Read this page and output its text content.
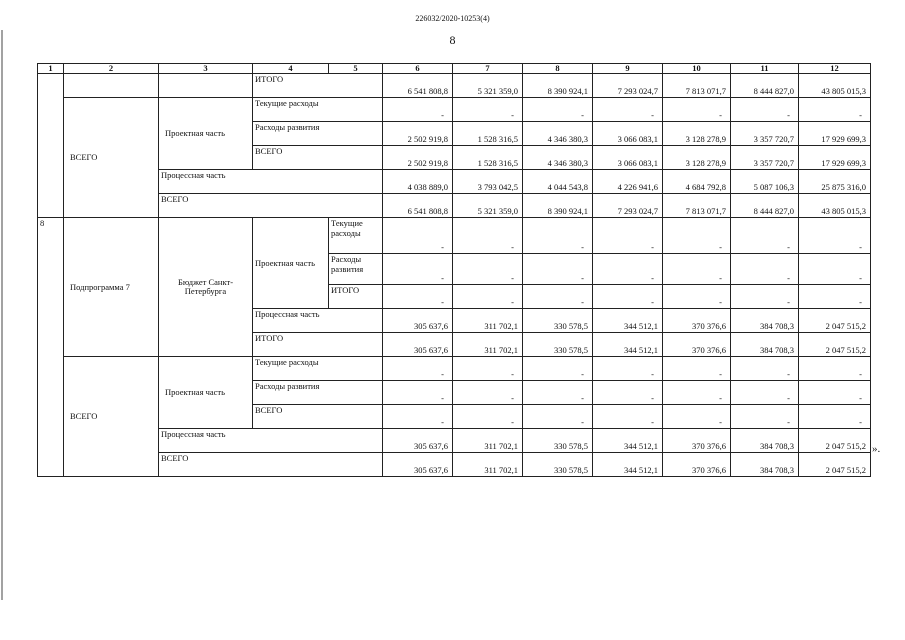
226032/2020-10253(4)
8
1	2	3	4	5	6	7	8	9	10	11	12
			ИТОГО		6 541 808,8	5 321 359,0	8 390 924,1	7 293 024,7	7 813 071,7	8 444 827,0	43 805 015,3
	ВСЕГО	Проектная часть	Текущие расходы		-	-	-	-	-	-	-
			Расходы развития		2 502 919,8	1 528 316,5	4 346 380,3	3 066 083,1	3 128 278,9	3 357 720,7	17 929 699,3
			ВСЕГО		2 502 919,8	1 528 316,5	4 346 380,3	3 066 083,1	3 128 278,9	3 357 720,7	17 929 699,3
		Процессная часть			4 038 889,0	3 793 042,5	4 044 543,8	4 226 941,6	4 684 792,8	5 087 106,3	25 875 316,0
		ВСЕГО			6 541 808,8	5 321 359,0	8 390 924,1	7 293 024,7	7 813 071,7	8 444 827,0	43 805 015,3
8	Подпрограмма 7	Бюджет Санкт-Петербурга	Проектная часть	Текущие расходы	-	-	-	-	-	-	-
				Расходы развития	-	-	-	-	-	-	-
				ИТОГО	-	-	-	-	-	-	-
			Процессная часть		305 637,6	311 702,1	330 578,5	344 512,1	370 376,6	384 708,3	2 047 515,2
			ИТОГО		305 637,6	311 702,1	330 578,5	344 512,1	370 376,6	384 708,3	2 047 515,2
	ВСЕГО	Проектная часть	Текущие расходы		-	-	-	-	-	-	-
			Расходы развития		-	-	-	-	-	-	-
			ВСЕГО		-	-	-	-	-	-	-
		Процессная часть			305 637,6	311 702,1	330 578,5	344 512,1	370 376,6	384 708,3	2 047 515,2
		ВСЕГО			305 637,6	311 702,1	330 578,5	344 512,1	370 376,6	384 708,3	2 047 515,2
».
